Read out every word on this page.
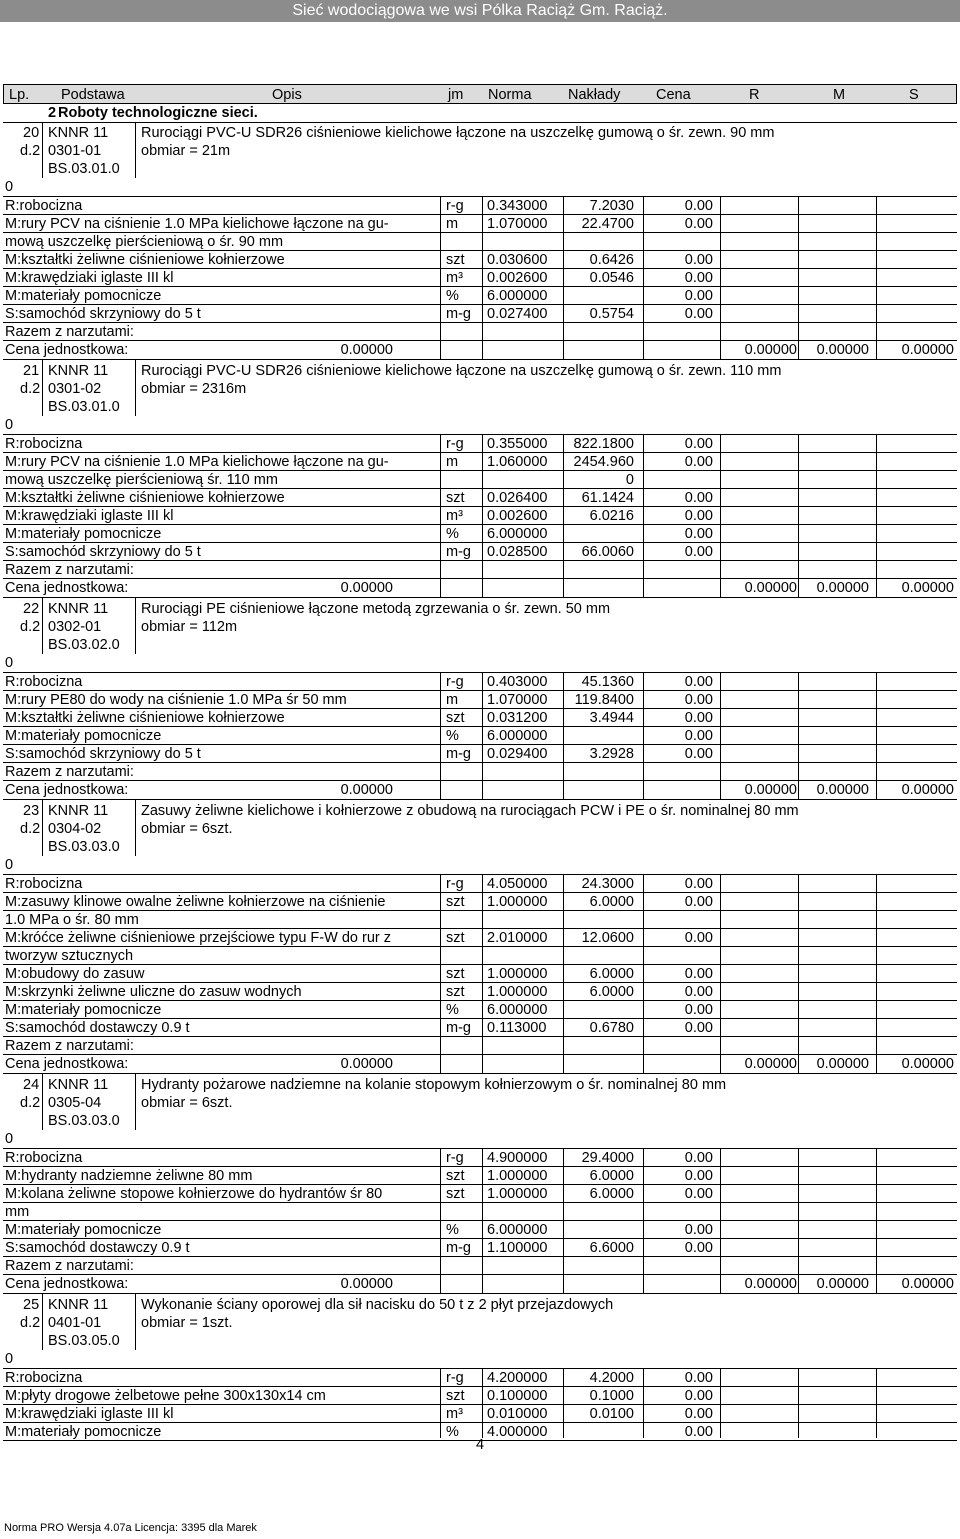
Sieć wodociągowa we wsi Pólka Raciąż Gm. Raciąż.
Lp. Podstawa	Opis	jm Norma	Nakłady Cena	R	M	S
2 Roboty technologiczne sieci.
20 KNNR 11 Rurociągi PVC-U SDR26 ciśnieniowe kielichowe łączone na uszczelkę gumową o śr. zewn. 90 mm
d.2 0301-01	obmiar = 21m
BS.03.01.0
0
R:robocizna	r-g 0.343000	7.2030	0.00
M:rury PCV na ciśnienie 1.0 MPa kielichowe łączone na gu-	m 1.070000	22.4700	0.00
mową uszczelkę pierścieniową o śr. 90 mm
M:kształtki żeliwne ciśnieniowe kołnierzowe	szt 0.030600	0.6426	0.00
M:krawędziaki iglaste III kl	m³ 0.002600	0.0546	0.00
M:materiały pomocnicze	% 6.000000	0.00
S:samochód skrzyniowy do 5 t	m-g 0.027400	0.5754	0.00
Razem z narzutami:
Cena jednostkowa:	0.00000	0.00000	0.00000	0.00000
21 KNNR 11 Rurociągi PVC-U SDR26 ciśnieniowe kielichowe łączone na uszczelkę gumową o śr. zewn. 110 mm
d.2 0301-02	obmiar = 2316m
BS.03.01.0
0
R:robocizna	r-g 0.355000	822.1800	0.00
M:rury PCV na ciśnienie 1.0 MPa kielichowe łączone na gu-	m 1.060000	2454.960	0.00
mową uszczelkę pierścieniową śr. 110 mm	0
M:kształtki żeliwne ciśnieniowe kołnierzowe	szt 0.026400	61.1424	0.00
M:krawędziaki iglaste III kl	m³ 0.002600	6.0216	0.00
M:materiały pomocnicze	% 6.000000	0.00
S:samochód skrzyniowy do 5 t	m-g 0.028500	66.0060	0.00
Razem z narzutami:
Cena jednostkowa:	0.00000	0.00000	0.00000	0.00000
22 KNNR 11 Rurociągi PE ciśnieniowe łączone metodą zgrzewania o śr. zewn. 50 mm
d.2 0302-01	obmiar = 112m
BS.03.02.0
0
R:robocizna	r-g 0.403000	45.1360	0.00
M:rury PE80 do wody na ciśnienie 1.0 MPa śr 50 mm	m 1.070000	119.8400	0.00
M:kształtki żeliwne ciśnieniowe kołnierzowe	szt 0.031200	3.4944	0.00
M:materiały pomocnicze	% 6.000000	0.00
S:samochód skrzyniowy do 5 t	m-g 0.029400	3.2928	0.00
Razem z narzutami:
Cena jednostkowa:	0.00000	0.00000	0.00000	0.00000
23 KNNR 11 Zasuwy żeliwne kielichowe i kołnierzowe z obudową na rurociągach PCW i PE o śr. nominalnej 80 mm
d.2 0304-02	obmiar = 6szt.
BS.03.03.0
0
R:robocizna	r-g 4.050000	24.3000	0.00
M:zasuwy klinowe owalne żeliwne kołnierzowe na ciśnienie	szt 1.000000	6.0000	0.00
1.0 MPa o śr. 80 mm
M:króćce żeliwne ciśnieniowe przejściowe typu F-W do rur z	szt 2.010000	12.0600	0.00
tworzyw sztucznych
M:obudowy do zasuw	szt 1.000000	6.0000	0.00
M:skrzynki żeliwne uliczne do zasuw wodnych	szt 1.000000	6.0000	0.00
M:materiały pomocnicze	% 6.000000	0.00
S:samochód dostawczy 0.9 t	m-g 0.113000	0.6780	0.00
Razem z narzutami:
Cena jednostkowa:	0.00000	0.00000	0.00000	0.00000
24 KNNR 11 Hydranty pożarowe nadziemne na kolanie stopowym kołnierzowym o śr. nominalnej 80 mm
d.2 0305-04	obmiar = 6szt.
BS.03.03.0
0
R:robocizna	r-g 4.900000	29.4000	0.00
M:hydranty nadziemne żeliwne 80 mm	szt 1.000000	6.0000	0.00
M:kolana żeliwne stopowe kołnierzowe do hydrantów śr 80	szt 1.000000	6.0000	0.00
mm
M:materiały pomocnicze	% 6.000000	0.00
S:samochód dostawczy 0.9 t	m-g 1.100000	6.6000	0.00
Razem z narzutami:
Cena jednostkowa:	0.00000	0.00000	0.00000	0.00000
25 KNNR 11 Wykonanie ściany oporowej dla sił nacisku do 50 t z 2 płyt przejazdowych
d.2 0401-01	obmiar = 1szt.
BS.03.05.0
0
R:robocizna	r-g 4.200000	4.2000	0.00
M:płyty drogowe żelbetowe pełne 300x130x14 cm	szt 0.100000	0.1000	0.00
M:krawędziaki iglaste III kl	m³ 0.010000	0.0100	0.00
M:materiały pomocnicze	% 4.000000	0.00
4
Norma PRO Wersja 4.07a Licencja: 3395 dla Marek
